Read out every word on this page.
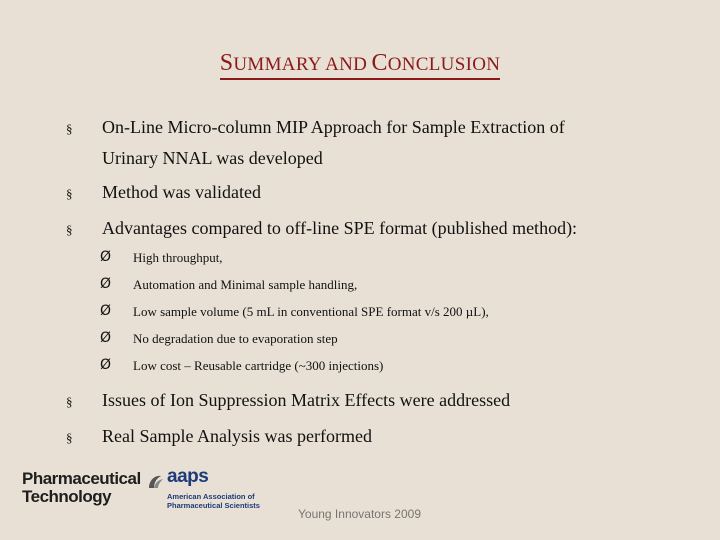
SUMMARY AND CONCLUSION
§ On-Line Micro-column MIP Approach for Sample Extraction of
Urinary NNAL was developed
§ Method was validated
§ Advantages compared to off-line SPE format (published method):
Ø High throughput,
Ø Automation and Minimal sample handling,
Ø Low sample volume (5 mL in conventional SPE format v/s 200 µL),
Ø No degradation due to evaporation step
Ø Low cost – Reusable cartridge (~300 injections)
§ Issues of Ion Suppression Matrix Effects were addressed
§ Real Sample Analysis was performed
Pharmaceutical
Technology
aaps
American Association of
Pharmaceutical Scientists
Young Innovators 2009
